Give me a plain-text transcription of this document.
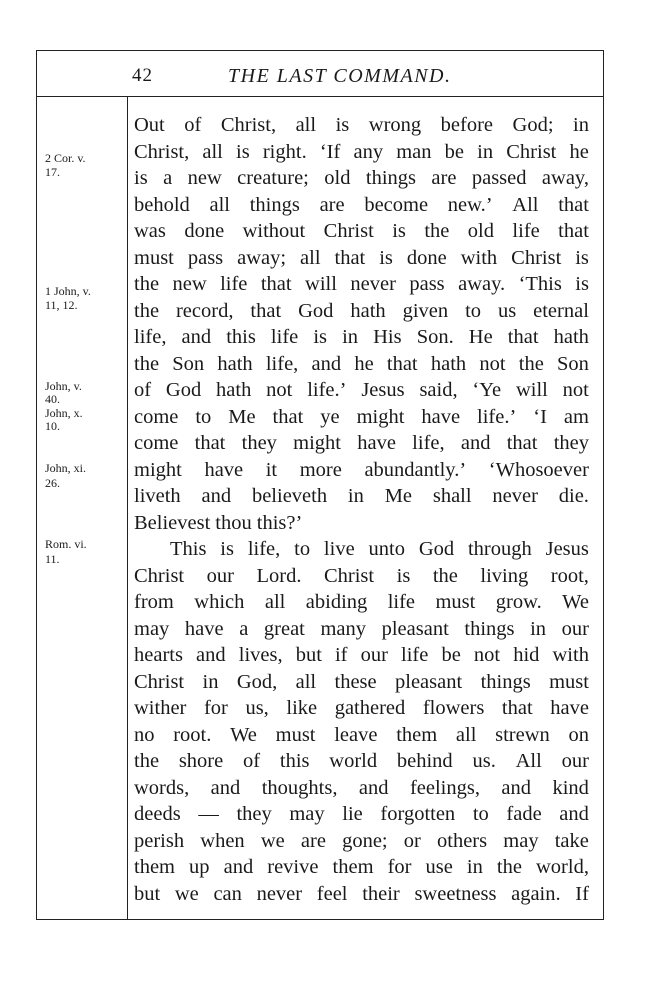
42	THE LAST COMMAND.
2 Cor. v.
17.
1 John, v.
11, 12.
John, v.
40.
John, x.
10.
John, xi.
26.
Rom. vi.
11.
Out of Christ, all is wrong before God; in
Christ, all is right. ‘If any man be in Christ he
is a new creature; old things are passed away,
behold all things are become new.’ All that
was done without Christ is the old life that
must pass away; all that is done with Christ is
the new life that will never pass away. ‘This is
the record, that God hath given to us eternal
life, and this life is in His Son. He that hath
the Son hath life, and he that hath not the Son
of God hath not life.’ Jesus said, ‘Ye will not
come to Me that ye might have life.’ ‘I am
come that they might have life, and that they
might have it more abundantly.’ ‘Whosoever
liveth and believeth in Me shall never die.
Believest thou this?’
This is life, to live unto God through Jesus
Christ our Lord. Christ is the living root,
from which all abiding life must grow. We
may have a great many pleasant things in our
hearts and lives, but if our life be not hid with
Christ in God, all these pleasant things must
wither for us, like gathered flowers that have
no root. We must leave them all strewn on
the shore of this world behind us. All our
words, and thoughts, and feelings, and kind
deeds — they may lie forgotten to fade and
perish when we are gone; or others may take
them up and revive them for use in the world,
but we can never feel their sweetness again. If
